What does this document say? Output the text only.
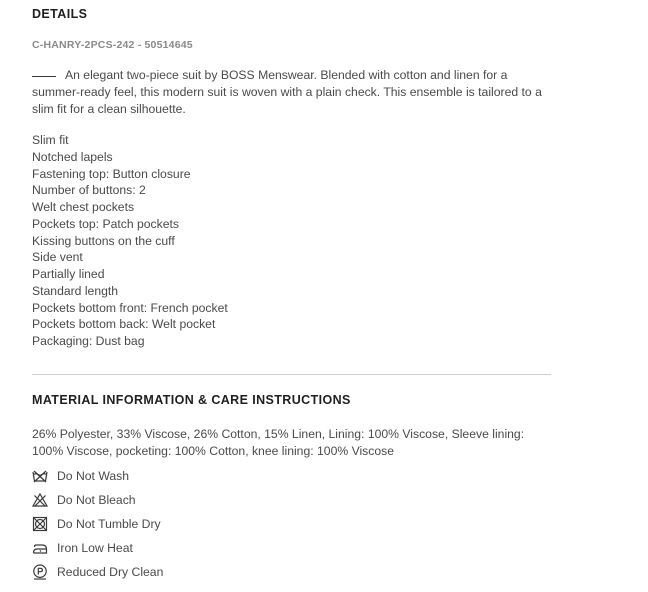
DETAILS
C-HANRY-2PCS-242 - 50514645
An elegant two-piece suit by BOSS Menswear. Blended with cotton and linen for a summer-ready feel, this modern suit is woven with a plain check. This ensemble is tailored to a slim fit for a clean silhouette.
Slim fit
Notched lapels
Fastening top: Button closure
Number of buttons: 2
Welt chest pockets
Pockets top: Patch pockets
Kissing buttons on the cuff
Side vent
Partially lined
Standard length
Pockets bottom front: French pocket
Pockets bottom back: Welt pocket
Packaging: Dust bag
MATERIAL INFORMATION & CARE INSTRUCTIONS
26% Polyester, 33% Viscose, 26% Cotton, 15% Linen, Lining: 100% Viscose, Sleeve lining: 100% Viscose, pocketing: 100% Cotton, knee lining: 100% Viscose
Do Not Wash
Do Not Bleach
Do Not Tumble Dry
Iron Low Heat
Reduced Dry Clean
